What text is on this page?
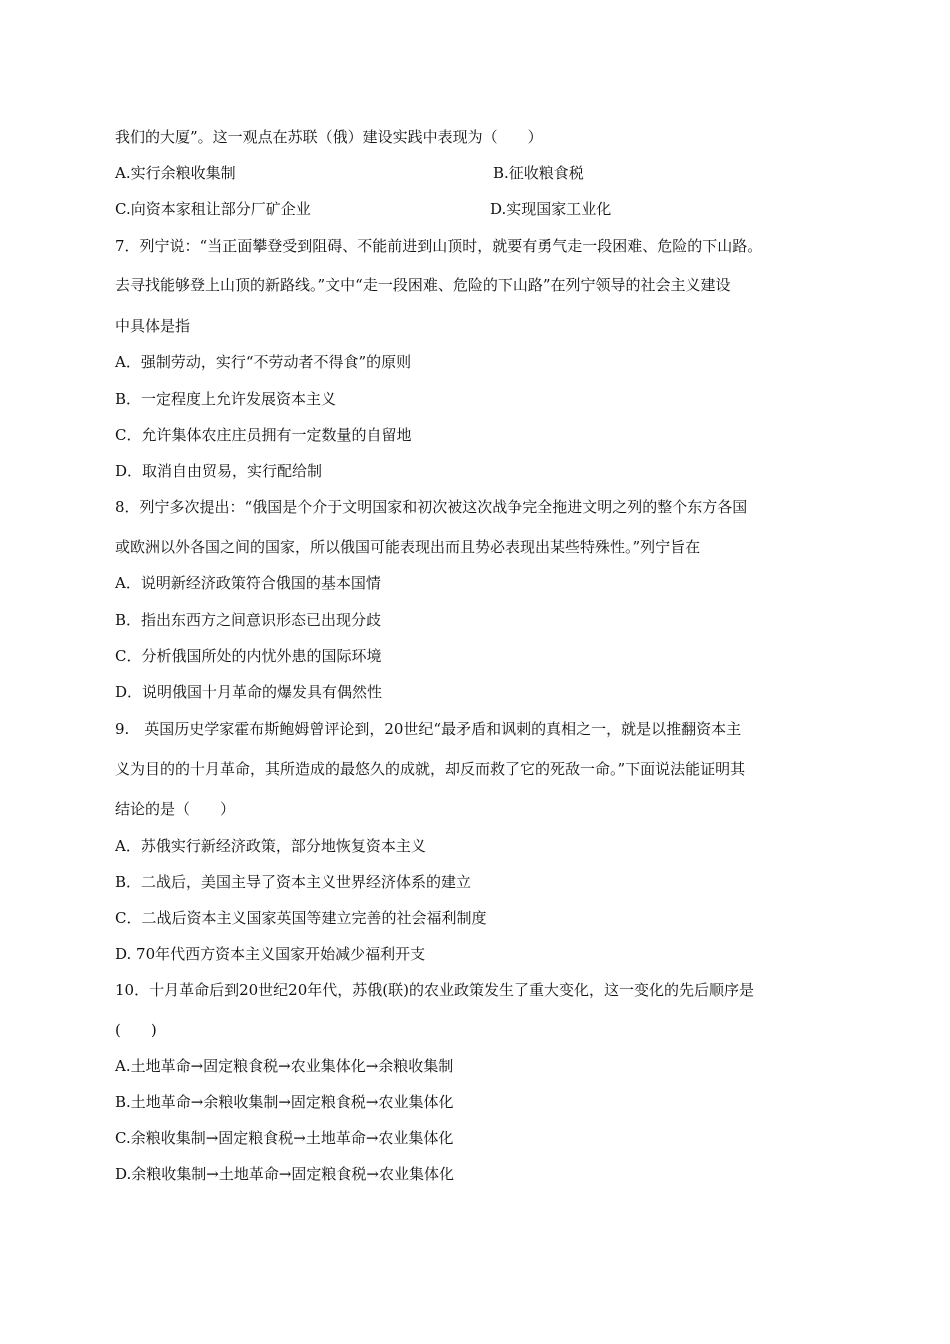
我们的大厦”。这一观点在苏联（俄）建设实践中表现为（　　）
A.实行余粮收集制	B.征收粮食税
C.向资本家租让部分厂矿企业	D.实现国家工业化
7．列宁说：“当正面攀登受到阻碍、不能前进到山顶时，就要有勇气走一段困难、危险的下山路。
去寻找能够登上山顶的新路线。”文中“走一段困难、危险的下山路”在列宁领导的社会主义建设
中具体是指
A．强制劳动，实行“不劳动者不得食”的原则
B．一定程度上允许发展资本主义
C．允许集体农庄庄员拥有一定数量的自留地
D．取消自由贸易，实行配给制
8．列宁多次提出：“俄国是个介于文明国家和初次被这次战争完全拖进文明之列的整个东方各国
或欧洲以外各国之间的国家，所以俄国可能表现出而且势必表现出某些特殊性。”列宁旨在
A．说明新经济政策符合俄国的基本国情
B．指出东西方之间意识形态已出现分歧
C．分析俄国所处的内忧外患的国际环境
D．说明俄国十月革命的爆发具有偶然性
9.　英国历史学家霍布斯鲍姆曾评论到，20世纪“最矛盾和讽刺的真相之一，就是以推翻资本主
义为目的的十月革命，其所造成的最悠久的成就，却反而救了它的死敌一命。”下面说法能证明其
结论的是（　　）
A．苏俄实行新经济政策，部分地恢复资本主义
B．二战后，美国主导了资本主义世界经济体系的建立
C．二战后资本主义国家英国等建立完善的社会福利制度
D. 70年代西方资本主义国家开始减少福利开支
10．十月革命后到20世纪20年代，苏俄(联)的农业政策发生了重大变化，这一变化的先后顺序是
(　　)
A.土地革命→固定粮食税→农业集体化→余粮收集制
B.土地革命→余粮收集制→固定粮食税→农业集体化
C.余粮收集制→固定粮食税→土地革命→农业集体化
D.余粮收集制→土地革命→固定粮食税→农业集体化
